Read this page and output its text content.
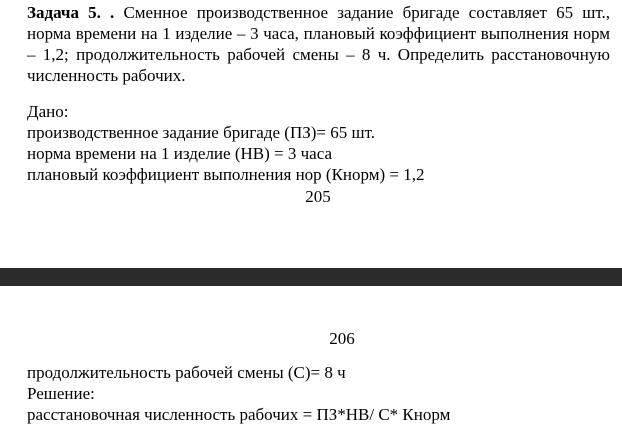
Задача 5. . Сменное производственное задание бригаде составляет 65 шт., норма времени на 1 изделие – 3 часа, плановый коэффициент выполнения норм – 1,2; продолжительность рабочей смены – 8 ч. Определить расстановочную численность рабочих.

Дано:
производственное задание бригаде (ПЗ)= 65 шт.
норма времени на 1 изделие (НВ) = 3 часа
плановый коэффициент выполнения нор (Кнорм) = 1,2
205
206
продолжительность рабочей смены (С)= 8 ч
Решение:
расстановочная численность рабочих = ПЗ*НВ/ С* Кнорм
